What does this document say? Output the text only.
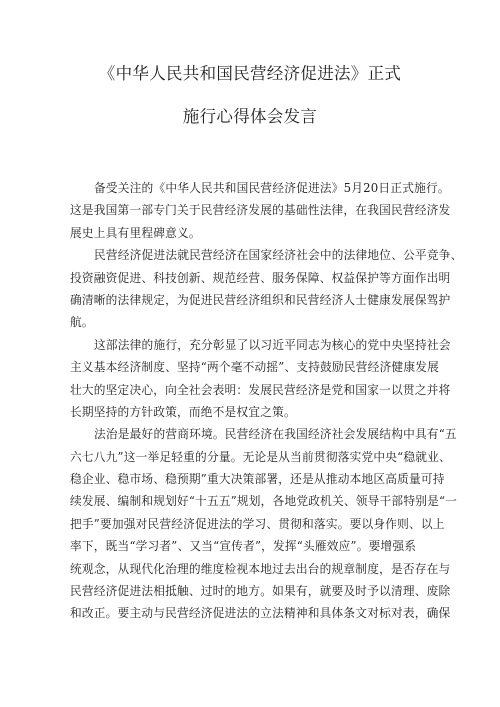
《中华人民共和国民营经济促进法》正式
施行心得体会发言
备受关注的《中华人民共和国民营经济促进法》5月20日正式施行。
这是我国第一部专门关于民营经济发展的基础性法律，在我国民营经济发
展史上具有里程碑意义。
民营经济促进法就民营经济在国家经济社会中的法律地位、公平竞争、
投资融资促进、科技创新、规范经营、服务保障、权益保护等方面作出明
确清晰的法律规定，为促进民营经济组织和民营经济人士健康发展保驾护
航。
这部法律的施行，充分彰显了以习近平同志为核心的党中央坚持社会
主义基本经济制度、坚持“两个毫不动摇”、支持鼓励民营经济健康发展
壮大的坚定决心，向全社会表明：发展民营经济是党和国家一以贯之并将
长期坚持的方针政策，而绝不是权宜之策。
法治是最好的营商环境。民营经济在我国经济社会发展结构中具有“五
六七八九”这一举足轻重的分量。无论是从当前贯彻落实党中央“稳就业、
稳企业、稳市场、稳预期”重大决策部署，还是从推动本地区高质量可持
续发展、编制和规划好“十五五”规划，各地党政机关、领导干部特别是“一
把手”要加强对民营经济促进法的学习、贯彻和落实。要以身作则、以上
率下，既当“学习者”、又当“宣传者”，发挥“头雁效应”。要增强系
统观念，从现代化治理的维度检视本地过去出台的规章制度，是否存在与
民营经济促进法相抵触、过时的地方。如果有，就要及时予以清理、废除
和改正。要主动与民营经济促进法的立法精神和具体条文对标对表，确保
